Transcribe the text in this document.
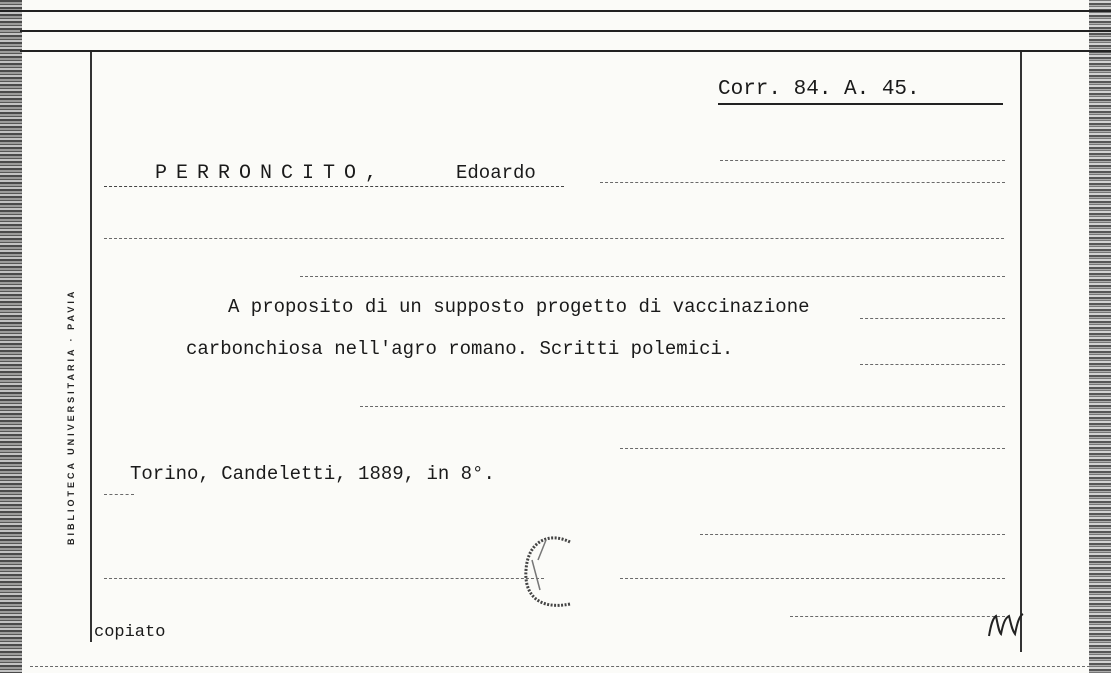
BIBLIOTECA UNIVERSITARIA · PAVIA
Corr. 84. A. 45.
PERRONCITO,	Edoardo
A proposito di un supposto progetto di vaccinazione
carbonchiosa nell'agro romano. Scritti polemici.
Torino, Candeletti, 1889, in 8°.
copiato
